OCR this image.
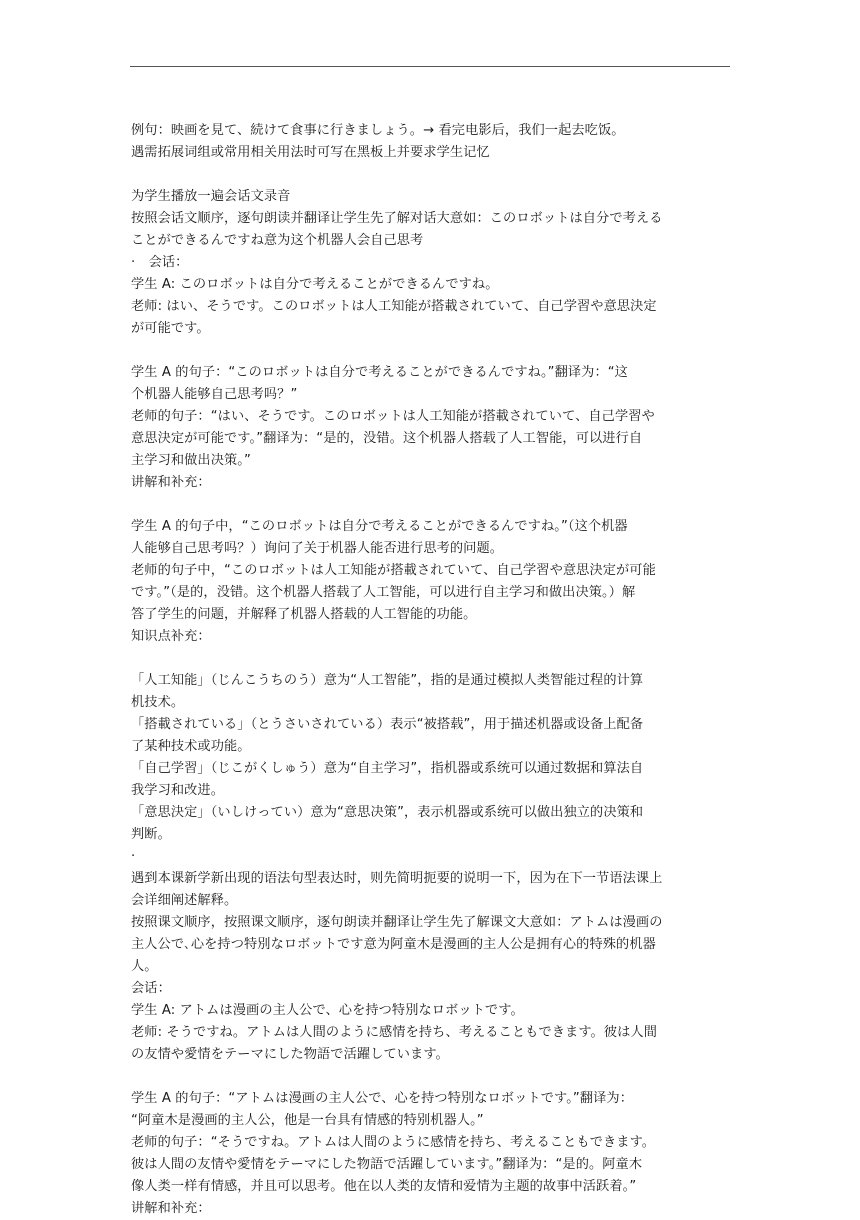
例句：映画を見て、続けて食事に行きましょう。→ 看完电影后，我们一起去吃饭。
遇需拓展词组或常用相关用法时可写在黑板上并要求学生记忆
为学生播放一遍会话文录音
按照会话文顺序，逐句朗读并翻译让学生先了解对话大意如：このロボットは自分で考える
ことができるんですね意为这个机器人会自己思考
·　会话：
学生 A: このロボットは自分で考えることができるんですね。
老师: はい、そうです。このロボットは人工知能が搭載されていて、自己学習や意思決定
が可能です。
学生 A 的句子：“このロボットは自分で考えることができるんですね。”翻译为：“这
个机器人能够自己思考吗？”
老师的句子：“はい、そうです。このロボットは人工知能が搭載されていて、自己学習や
意思決定が可能です。”翻译为：“是的，没错。这个机器人搭载了人工智能，可以进行自
主学习和做出决策。”
讲解和补充：
学生 A 的句子中，“このロボットは自分で考えることができるんですね。”（这个机器
人能够自己思考吗？）询问了关于机器人能否进行思考的问题。
老师的句子中，“このロボットは人工知能が搭載されていて、自己学習や意思決定が可能
です。”（是的，没错。这个机器人搭载了人工智能，可以进行自主学习和做出决策。）解
答了学生的问题，并解释了机器人搭载的人工智能的功能。
知识点补充：
「人工知能」（じんこうちのう）意为“人工智能”，指的是通过模拟人类智能过程的计算
机技术。
「搭載されている」（とうさいされている）表示“被搭载”，用于描述机器或设备上配备
了某种技术或功能。
「自己学習」（じこがくしゅう）意为“自主学习”，指机器或系统可以通过数据和算法自
我学习和改进。
「意思決定」（いしけってい）意为“意思决策”，表示机器或系统可以做出独立的决策和
判断。
·
遇到本课新学新出现的语法句型表达时，则先简明扼要的说明一下，因为在下一节语法课上
会详细阐述解释。
按照课文顺序，按照课文顺序，逐句朗读并翻译让学生先了解课文大意如：アトムは漫画の
主人公で､心を持つ特別なロボットです意为阿童木是漫画的主人公是拥有心的特殊的机器
人。
会话：
学生 A: アトムは漫画の主人公で、心を持つ特別なロボットです。
老师: そうですね。アトムは人間のように感情を持ち、考えることもできます。彼は人間
の友情や愛情をテーマにした物語で活躍しています。
学生 A 的句子：“アトムは漫画の主人公で、心を持つ特別なロボットです。”翻译为：
“阿童木是漫画的主人公，他是一台具有情感的特别机器人。”
老师的句子：“そうですね。アトムは人間のように感情を持ち、考えることもできます。
彼は人間の友情や愛情をテーマにした物語で活躍しています。”翻译为：“是的。阿童木
像人类一样有情感，并且可以思考。他在以人类的友情和爱情为主题的故事中活跃着。”
讲解和补充：
